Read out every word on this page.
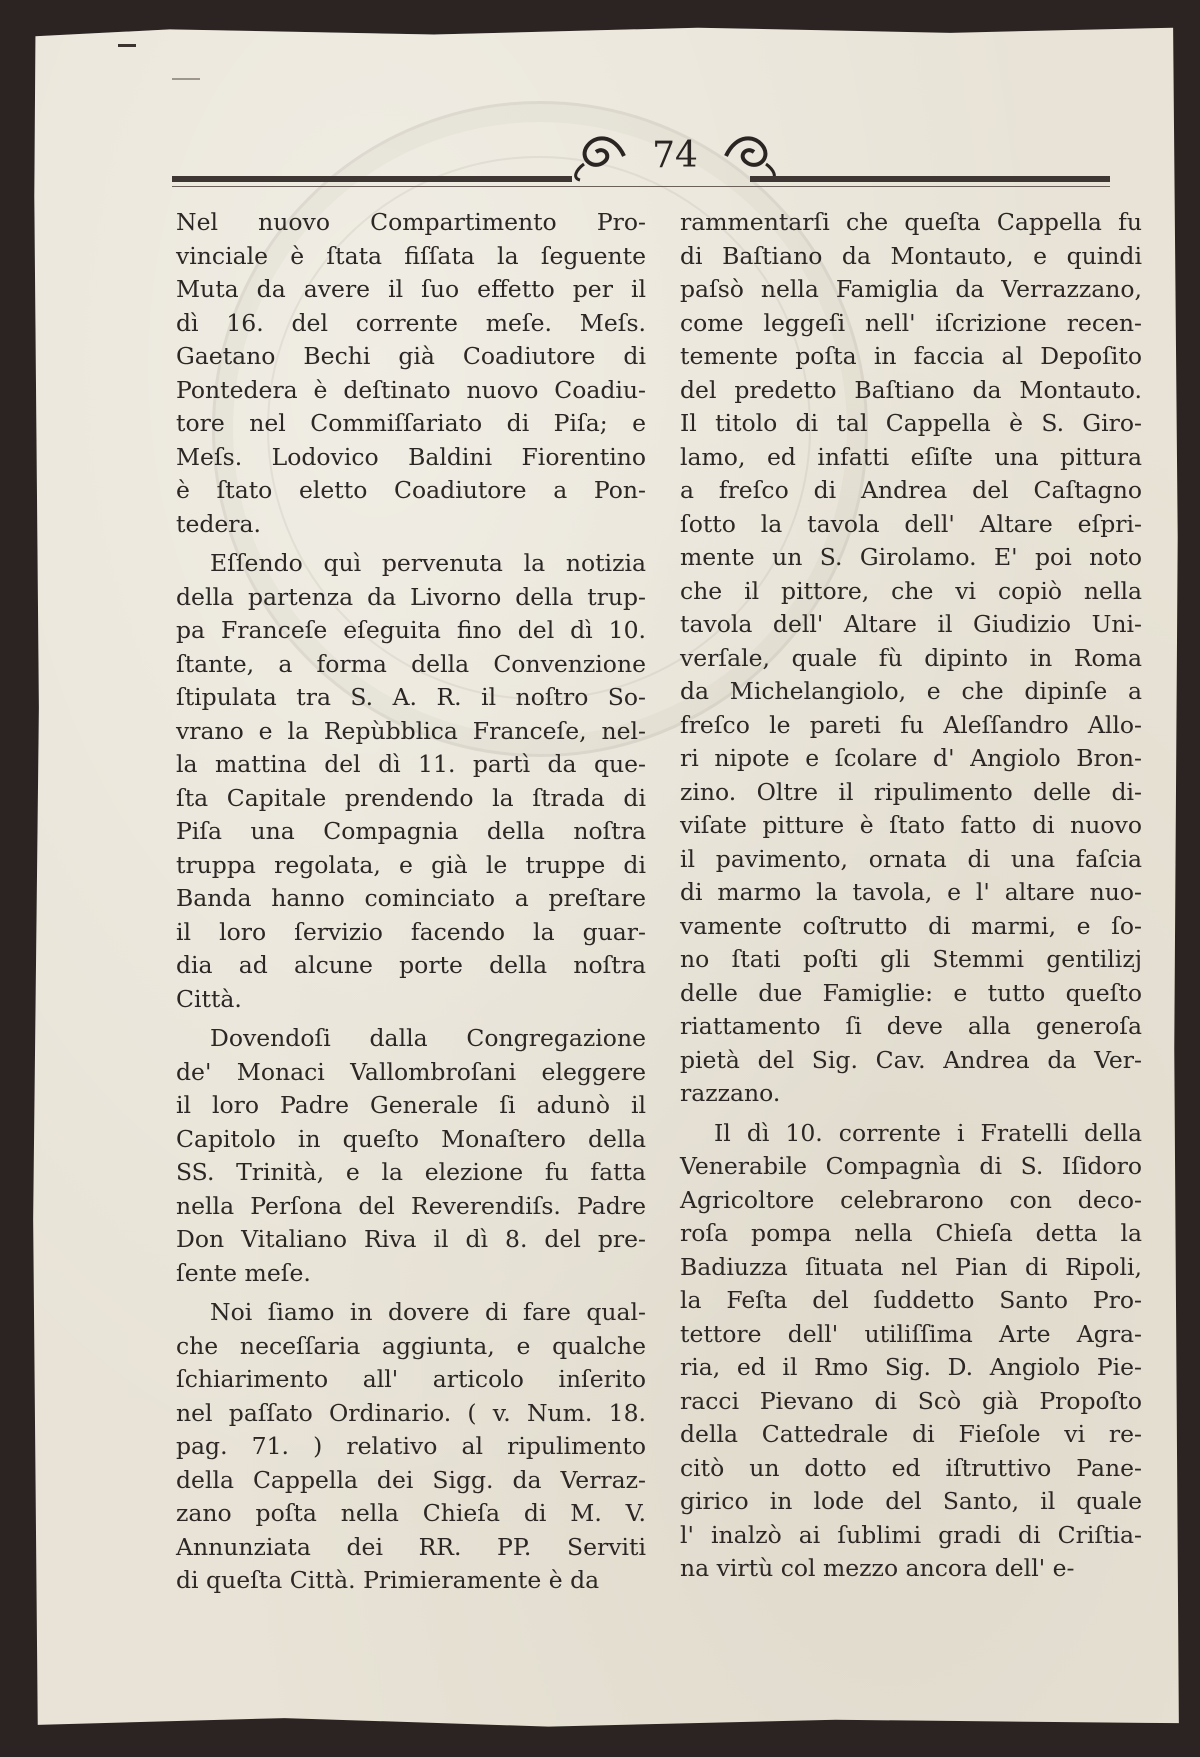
74

Nel nuovo Compartimento Pro-

vinciale è ſtata fiſſata la ſeguente

Muta da avere il ſuo effetto per il

dì 16. del corrente meſe. Meſs.

Gaetano Bechi già Coadiutore di

Pontedera è deſtinato nuovo Coadiu-

tore nel Commiſſariato di Piſa; e

Meſs. Lodovico Baldini Fiorentino

è ſtato eletto Coadiutore a Pon-

tedera.

Eſſendo quì pervenuta la notizia

della partenza da Livorno della trup-

pa Franceſe eſeguita fino del dì 10.

ſtante, a forma della Convenzione

ſtipulata tra S. A. R. il noſtro So-

vrano e la Repùbblica Franceſe, nel-

la mattina del dì 11. partì da que-

ſta Capitale prendendo la ſtrada di

Piſa una Compagnia della noſtra

truppa regolata, e già le truppe di

Banda hanno cominciato a preſtare

il loro ſervizio facendo la guar-

dia ad alcune porte della noſtra

Città.

Dovendoſi dalla Congregazione

de' Monaci Vallombroſani eleggere

il loro Padre Generale ſi adunò il

Capitolo in queſto Monaſtero della

SS. Trinità, e la elezione fu fatta

nella Perſona del Reverendiſs. Padre

Don Vitaliano Riva il dì 8. del pre-

ſente meſe.

Noi ſiamo in dovere di fare qual-

che neceſſaria aggiunta, e qualche

ſchiarimento all' articolo inſerito

nel paſſato Ordinario. ( v. Num. 18.

pag. 71. ) relativo al ripulimento

della Cappella dei Sigg. da Verraz-

zano poſta nella Chieſa di M. V.

Annunziata dei RR. PP. Serviti

di queſta Città. Primieramente è da

rammentarſi che queſta Cappella fu

di Baſtiano da Montauto, e quindi

paſsò nella Famiglia da Verrazzano,

come leggeſi nell' iſcrizione recen-

temente poſta in faccia al Depoſito

del predetto Baſtiano da Montauto.

Il titolo di tal Cappella è S. Giro-

lamo, ed infatti eſiſte una pittura

a freſco di Andrea del Caſtagno

ſotto la tavola dell' Altare eſpri-

mente un S. Girolamo. E' poi noto

che il pittore, che vi copiò nella

tavola dell' Altare il Giudizio Uni-

verſale, quale fù dipinto in Roma

da Michelangiolo, e che dipinſe a

freſco le pareti fu Aleſſandro Allo-

ri nipote e ſcolare d' Angiolo Bron-

zino. Oltre il ripulimento delle di-

viſate pitture è ſtato fatto di nuovo

il pavimento, ornata di una faſcia

di marmo la tavola, e l' altare nuo-

vamente coſtrutto di marmi, e ſo-

no ſtati poſti gli Stemmi gentilizj

delle due Famiglie: e tutto queſto

riattamento ſi deve alla generoſa

pietà del Sig. Cav. Andrea da Ver-

razzano.

Il dì 10. corrente i Fratelli della

Venerabile Compagnìa di S. Iſidoro

Agricoltore celebrarono con deco-

roſa pompa nella Chieſa detta la

Badiuzza ſituata nel Pian di Ripoli,

la Feſta del ſuddetto Santo Pro-

tettore dell' utiliſſima Arte Agra-

ria, ed il Rmo Sig. D. Angiolo Pie-

racci Pievano di Scò già Propoſto

della Cattedrale di Fieſole vi re-

citò un dotto ed iſtruttivo Pane-

girico in lode del Santo, il quale

l' inalzò ai ſublimi gradi di Criſtia-

na virtù col mezzo ancora dell' e-
